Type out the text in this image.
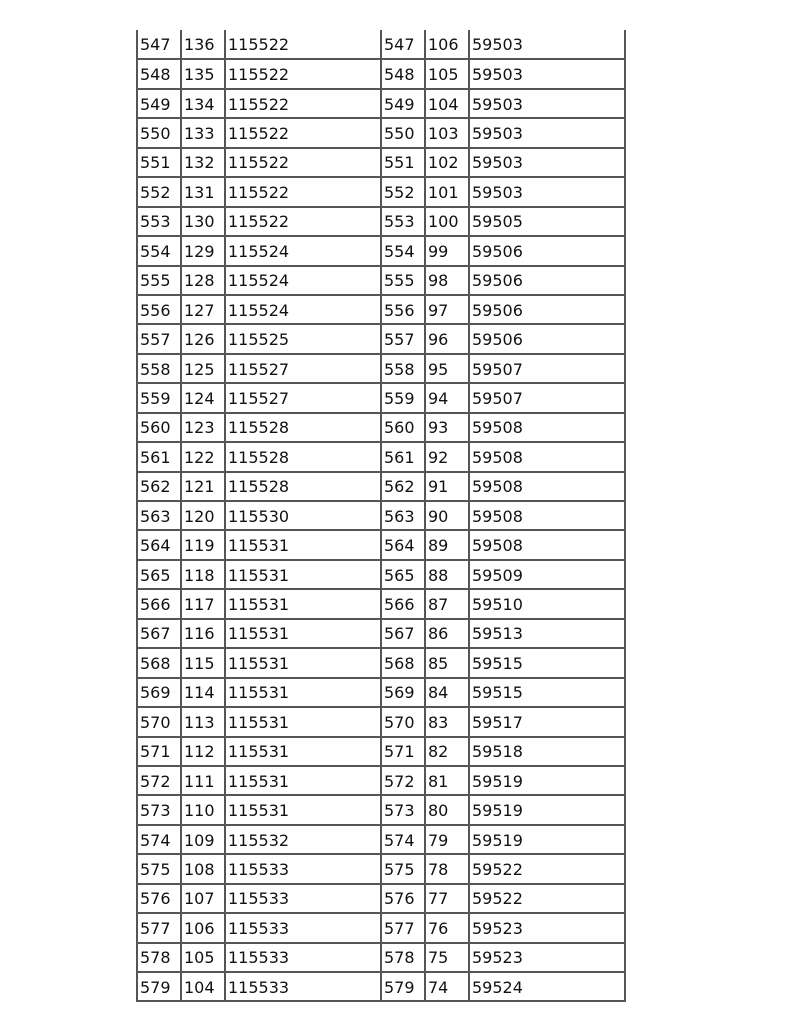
547	136	115522	547	106	59503
548	135	115522	548	105	59503
549	134	115522	549	104	59503
550	133	115522	550	103	59503
551	132	115522	551	102	59503
552	131	115522	552	101	59503
553	130	115522	553	100	59505
554	129	115524	554	99	59506
555	128	115524	555	98	59506
556	127	115524	556	97	59506
557	126	115525	557	96	59506
558	125	115527	558	95	59507
559	124	115527	559	94	59507
560	123	115528	560	93	59508
561	122	115528	561	92	59508
562	121	115528	562	91	59508
563	120	115530	563	90	59508
564	119	115531	564	89	59508
565	118	115531	565	88	59509
566	117	115531	566	87	59510
567	116	115531	567	86	59513
568	115	115531	568	85	59515
569	114	115531	569	84	59515
570	113	115531	570	83	59517
571	112	115531	571	82	59518
572	111	115531	572	81	59519
573	110	115531	573	80	59519
574	109	115532	574	79	59519
575	108	115533	575	78	59522
576	107	115533	576	77	59522
577	106	115533	577	76	59523
578	105	115533	578	75	59523
579	104	115533	579	74	59524
